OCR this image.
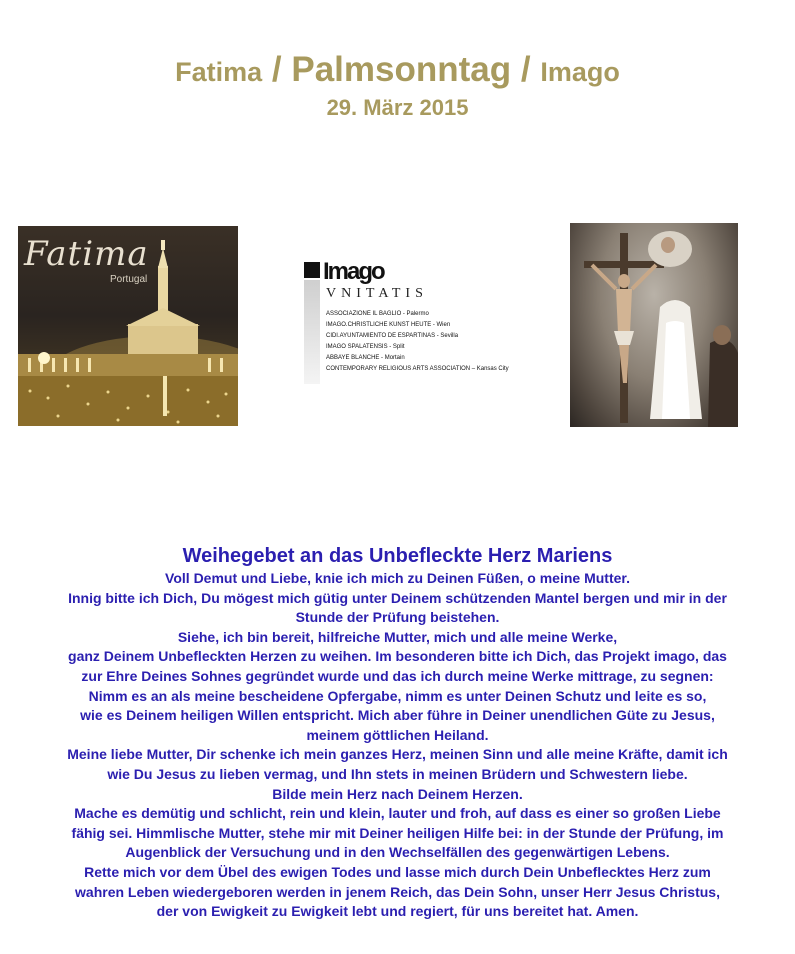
Fatima / Palmsonntag / Imago
29. März 2015
Fatima
Portugal	Imago
VNITATIS
ASSOCIAZIONE IL BAGLIO - Palermo
IMAGO.CHRISTLICHE KUNST HEUTE - Wien
CIDI.AYUNTAMIENTO DE ESPARTINAS - Sevilla
IMAGO SPALATENSIS - Split
ABBAYE BLANCHE - Mortain
CONTEMPORARY RELIGIOUS ARTS ASSOCIATION – Kansas City
Weihegebet an das Unbefleckte Herz Mariens

Voll Demut und Liebe, knie ich mich zu Deinen Füßen, o meine Mutter.

Innig bitte ich Dich, Du mögest mich gütig unter Deinem schützenden Mantel bergen und mir in der

Stunde der Prüfung beistehen.

Siehe, ich bin bereit, hilfreiche Mutter, mich und alle meine Werke,

ganz Deinem Unbefleckten Herzen zu weihen. Im besonderen bitte ich Dich, das Projekt imago, das

zur Ehre Deines Sohnes gegründet wurde und das ich durch meine Werke mittrage, zu segnen:

Nimm es an als meine bescheidene Opfergabe, nimm es unter Deinen Schutz und leite es so,

wie es Deinem heiligen Willen entspricht. Mich aber führe in Deiner unendlichen Güte zu Jesus,

meinem göttlichen Heiland.

Meine liebe Mutter, Dir schenke ich mein ganzes Herz, meinen Sinn und alle meine Kräfte, damit ich

wie Du Jesus zu lieben vermag, und Ihn stets in meinen Brüdern und Schwestern liebe.

Bilde mein Herz nach Deinem Herzen.

Mache es demütig und schlicht, rein und klein, lauter und froh, auf dass es einer so großen Liebe

fähig sei. Himmlische Mutter, stehe mir mit Deiner heiligen Hilfe bei: in der Stunde der Prüfung, im

Augenblick der Versuchung und in den Wechselfällen des gegenwärtigen Lebens.

Rette mich vor dem Übel des ewigen Todes und lasse mich durch Dein Unbeflecktes Herz zum

wahren Leben wiedergeboren werden in jenem Reich, das Dein Sohn, unser Herr Jesus Christus,

der von Ewigkeit zu Ewigkeit lebt und regiert, für uns bereitet hat. Amen.
